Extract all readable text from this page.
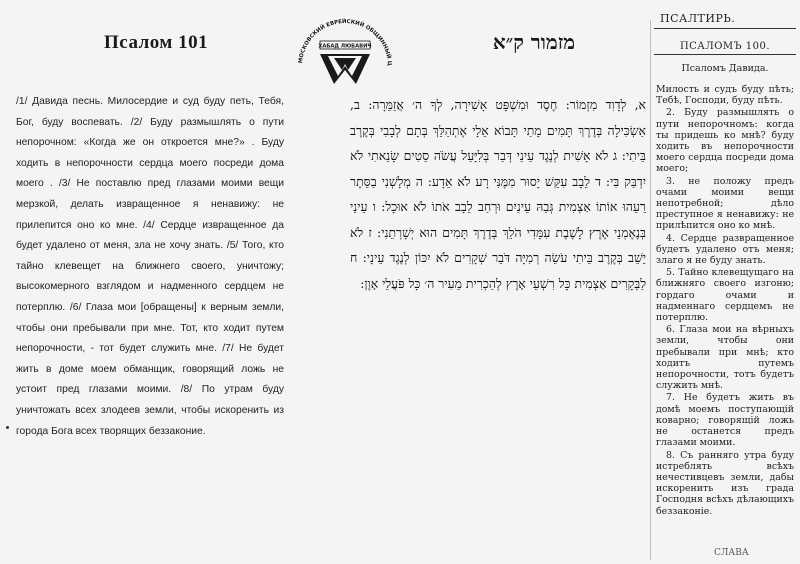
Псалом 101
/1/ Давида песнь. Милосердие и суд буду петь, Тебя, Бог, буду воспевать. /2/ Буду размышлять о пути непорочном: «Когда же он откроется мне?» . Буду ходить в непорочности сердца моего посреди дома моего . /3/ Не поставлю пред глазами моими вещи мерзкой, делать извращенное я ненавижу: не прилепится оно ко мне. /4/ Сердце извращенное да будет удалено от меня, зла не хочу знать. /5/ Того, кто тайно клевещет на ближнего своего, уничтожу; высокомерного взглядом и надменного сердцем не потерплю. /6/ Глаза мои [обращены] к верным земли, чтобы они пребывали при мне. Тот, кто ходит путем непорочности, - тот будет служить мне. /7/ Не будет жить в доме моем обманщик, говорящий ложь не устоит пред глазами моими. /8/ По утрам буду уничтожать всех злодеев земли, чтобы искоренить из города Бога всех творящих беззаконие.
МОСКОВСКИЙ ЕВРЕЙСКИЙ ОБЩИННЫЙ Ц
ХАБАД ЛЮБАВИЧ	מזמור ק״א
א, לְדָוִד מִזְמוֹר: חֶסֶד וּמִשְׁפָּט אָשִׁירָה, לְךָ ה׳ אֲזַמֵּרָה: ב, אַשְׂכִּילָה בְּדֶרֶךְ תָּמִים מָתַי תָּבוֹא אֵלָי אֶתְהַלֵּךְ בְּתָם לְבָבִי בְּקֶרֶב בֵּיתִי: ג לֹא אָשִׁית לְנֶגֶד עֵינַי דְּבַר בְּלִיָּעַל עֲשֹׂה סֵטִים שָׂנֵאתִי לֹא יִדְבַּק בִּי: ד לֵבָב עִקֵּשׁ יָסוּר מִמֶּנִּי רָע לֹא אֵדָע: ה מְלָשְׁנִי בַסֵּתֶר רֵעֵהוּ אוֹתוֹ אַצְמִית גְּבַהּ עֵינַיִם וּרְחַב לֵבָב אֹתוֹ לֹא אוּכָל: ו עֵינַי בְּנֶאֶמְנֵי אֶרֶץ לָשֶׁבֶת עִמָּדִי הֹלֵךְ בְּדֶרֶךְ תָּמִים הוּא יְשָׁרְתֵנִי: ז לֹא יֵשֵׁב בְּקֶרֶב בֵּיתִי עֹשֵׂה רְמִיָּה דֹּבֵר שְׁקָרִים לֹא יִכּוֹן לְנֶגֶד עֵינָי: ח לַבְּקָרִים אַצְמִית כָּל רִשְׁעֵי אָרֶץ לְהַכְרִית מֵעִיר ה׳ כָּל פֹּעֲלֵי אָוֶן:
ПСАЛТИРЬ.
ПСАЛОМЪ 100.
Псаломъ Давида.

Милость и судъ буду пѣть; Тебѣ, Господи, буду пѣть.

2. Буду размышлять о пути непорочномъ: когда ты придешь ко мнѣ? буду ходить въ непорочности моего сердца посреди дома моего;

3. не положу предъ очами моими вещи непотребной; дѣло преступное я ненавижу: не прилѣпится оно ко мнѣ.

4. Сердце развращенное будетъ удалено отъ меня; злаго я не буду знать.

5. Тайно клевещущаго на ближняго своего изгоню; гордаго очами и надменнаго сердцемъ не потерплю.

6. Глаза мои на вѣрныхъ земли, чтобы они пребывали при мнѣ; кто ходитъ путемъ непорочности, тотъ будетъ служить мнѣ.

7. Не будетъ жить въ домѣ моемъ поступающій коварно; говорящій ложь не останется предъ глазами моими.

8. Съ ранняго утра буду истреблять всѣхъ нечестивцевъ земли, дабы искоренить изъ града Господня всѣхъ дѣлающихъ беззаконіе.

СЛАВА
